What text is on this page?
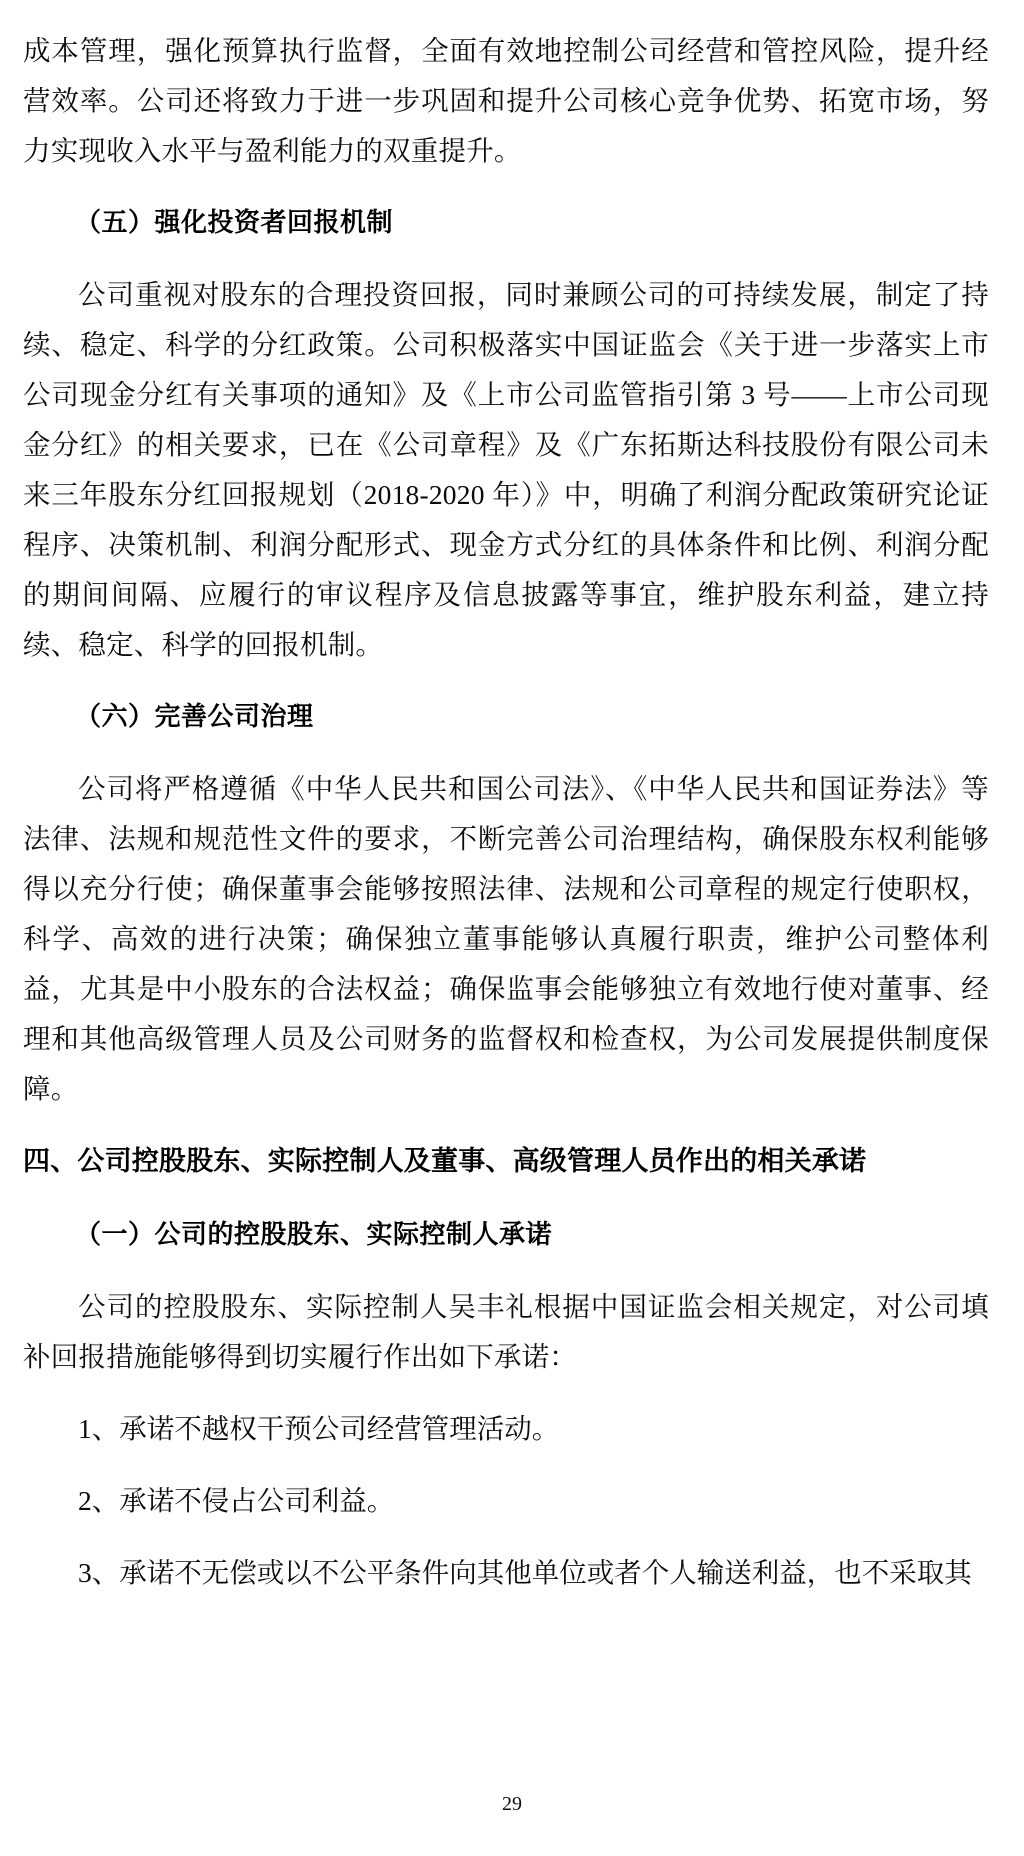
成本管理，强化预算执行监督，全面有效地控制公司经营和管控风险，提升经营效率。公司还将致力于进一步巩固和提升公司核心竞争优势、拓宽市场，努力实现收入水平与盈利能力的双重提升。

（五）强化投资者回报机制

公司重视对股东的合理投资回报，同时兼顾公司的可持续发展，制定了持续、稳定、科学的分红政策。公司积极落实中国证监会《关于进一步落实上市公司现金分红有关事项的通知》及《上市公司监管指引第 3 号——上市公司现金分红》的相关要求，已在《公司章程》及《广东拓斯达科技股份有限公司未来三年股东分红回报规划（2018-2020 年）》中，明确了利润分配政策研究论证程序、决策机制、利润分配形式、现金方式分红的具体条件和比例、利润分配的期间间隔、应履行的审议程序及信息披露等事宜，维护股东利益，建立持续、稳定、科学的回报机制。

（六）完善公司治理

公司将严格遵循《中华人民共和国公司法》、《中华人民共和国证券法》等法律、法规和规范性文件的要求，不断完善公司治理结构，确保股东权利能够得以充分行使；确保董事会能够按照法律、法规和公司章程的规定行使职权，科学、高效的进行决策；确保独立董事能够认真履行职责，维护公司整体利益，尤其是中小股东的合法权益；确保监事会能够独立有效地行使对董事、经理和其他高级管理人员及公司财务的监督权和检查权，为公司发展提供制度保障。

四、公司控股股东、实际控制人及董事、高级管理人员作出的相关承诺
（一）公司的控股股东、实际控制人承诺

公司的控股股东、实际控制人吴丰礼根据中国证监会相关规定，对公司填补回报措施能够得到切实履行作出如下承诺：

1、承诺不越权干预公司经营管理活动。

2、承诺不侵占公司利益。

3、承诺不无偿或以不公平条件向其他单位或者个人输送利益，也不采取其

29
